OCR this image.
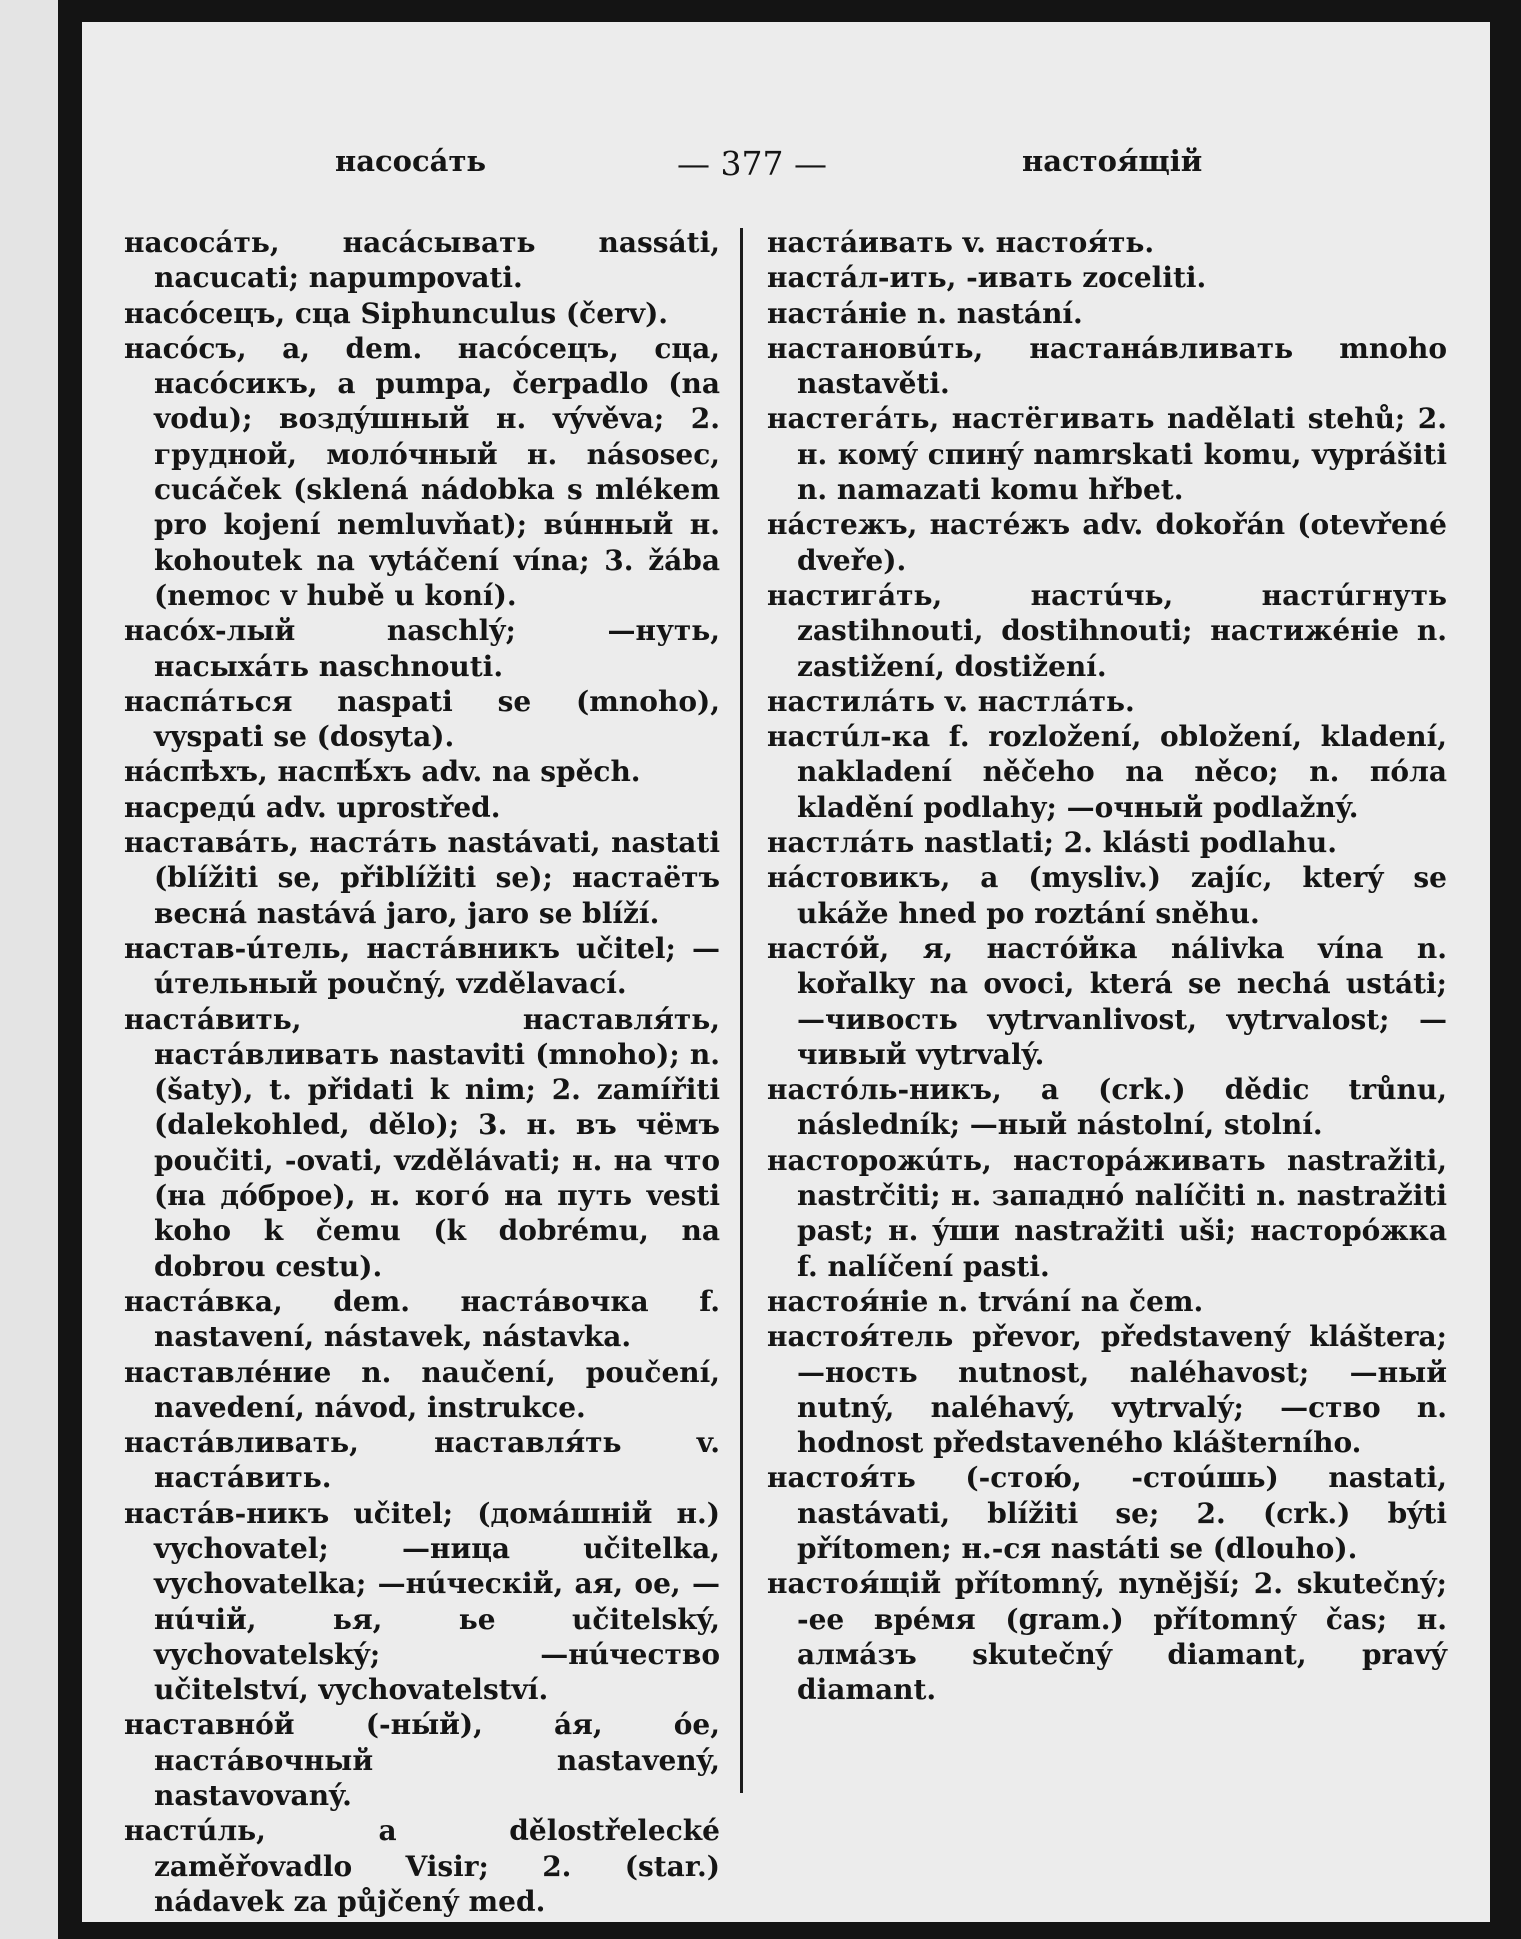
насосáть	— 377 —	настоя́щій

насосáть, насáсывать nassáti, nacucati; napumpovati.

насóсецъ, сца Siphunculus (červ).

насóсъ, а, dem. насóсецъ, сца, насóсикъ, a pumpa, čerpadlo (na vodu); воздýшный н. vývěva; 2. грудной, молóчный н. násosec, cucáček (sklená nádobka s mlékem pro kojení nemluvňat); вúнный н. kohoutek na vytáčení vína; 3. žába (nemoc v hubě u koní).

насóх-лый naschlý; —нуть, насыхáть naschnouti.

наспáться naspati se (mnoho), vyspati se (dosyta).

нáспѣхъ, наспѣ́хъ adv. na spěch.

насредú adv. uprostřed.

наставáть, настáть nastávati, nastati (blížiti se, přiblížiti se); настаётъ веснá nastává jaro, jaro se blíží.

настав-úтель, настáвникъ učitel; —úтельный poučný, vzdělavací.

настáвить, наставля́ть, настáвливать nastaviti (mnoho); n. (šaty), t. přidati k nim; 2. zamířiti (dalekohled, dělo); 3. н. въ чёмъ poučiti, -ovati, vzdělávati; н. на что (на дóброе), н. когó на путь vesti koho k čemu (k dobrému, na dobrou cestu).

настáвка, dem. настáвочка f. nastavení, nástavek, nástavka.

наставлéние n. naučení, poučení, navedení, návod, instrukce.

настáвливать, наставля́ть v. настáвить.

настáв-никъ učitel; (домáшній н.) vychovatel; —ница učitelka, vychovatelka; —нúческій, ая, ое, —нúчій, ья, ье učitelský, vychovatelský; —нúчество učitelství, vychovatelství.

наставнóй (-ны́й), áя, óе, настáвочный nastavený, nastavovaný.

настúль, a dělostřelecké zaměřovadlo Visir; 2. (star.) nádavek za půjčený med.

настáивать v. настоя́ть.

настáл-ить, -ивать zoceliti.

настáніе n. nastání.

настановúть, настанáвливать mnoho nastavěti.

настегáть, настёгивать nadělati stehů; 2. н. комý спинý namrskati komu, vyprášiti n. namazati komu hřbet.

нáстежъ, настéжъ adv. dokořán (otevřené dveře).

настигáть, настúчь, настúгнуть zastihnouti, dostihnouti; настижéніе n. zastižení, dostižení.

настилáть v. настлáть.

настúл-ка f. rozložení, obložení, kladení, nakladení něčeho na něco; n. пóла kladění podlahy; —очный podlažný.

настлáть nastlati; 2. klásti podlahu.

нáстовикъ, a (mysliv.) zajíc, který se ukáže hned po roztání sněhu.

настóй, я, настóйка nálivka vína n. kořalky na ovoci, která se nechá ustáti; —чивость vytrvanlivost, vytrvalost; —чивый vytrvalý.

настóль-никъ, a (crk.) dědic trůnu, následník; —ный nástolní, stolní.

насторожúть, насторáживать nastražiti, nastrčiti; н. западнó nalíčiti n. nastražiti past; н. ýши nastražiti uši; насторóжка f. nalíčení pasti.

настоя́ніе n. trvání na čem.

настоя́тель převor, představený kláštera; —ность nutnost, naléhavost; —ный nutný, naléhavý, vytrvalý; —ство n. hodnost představeného klášterního.

настоя́ть (-стою́, -стоúшь) nastati, nastávati, blížiti se; 2. (crk.) býti přítomen; н.-ся nastáti se (dlouho).

настоя́щій přítomný, nynější; 2. skutečný; -ее врéмя (gram.) přítomný čas; н. алмáзъ skutečný diamant, pravý diamant.
